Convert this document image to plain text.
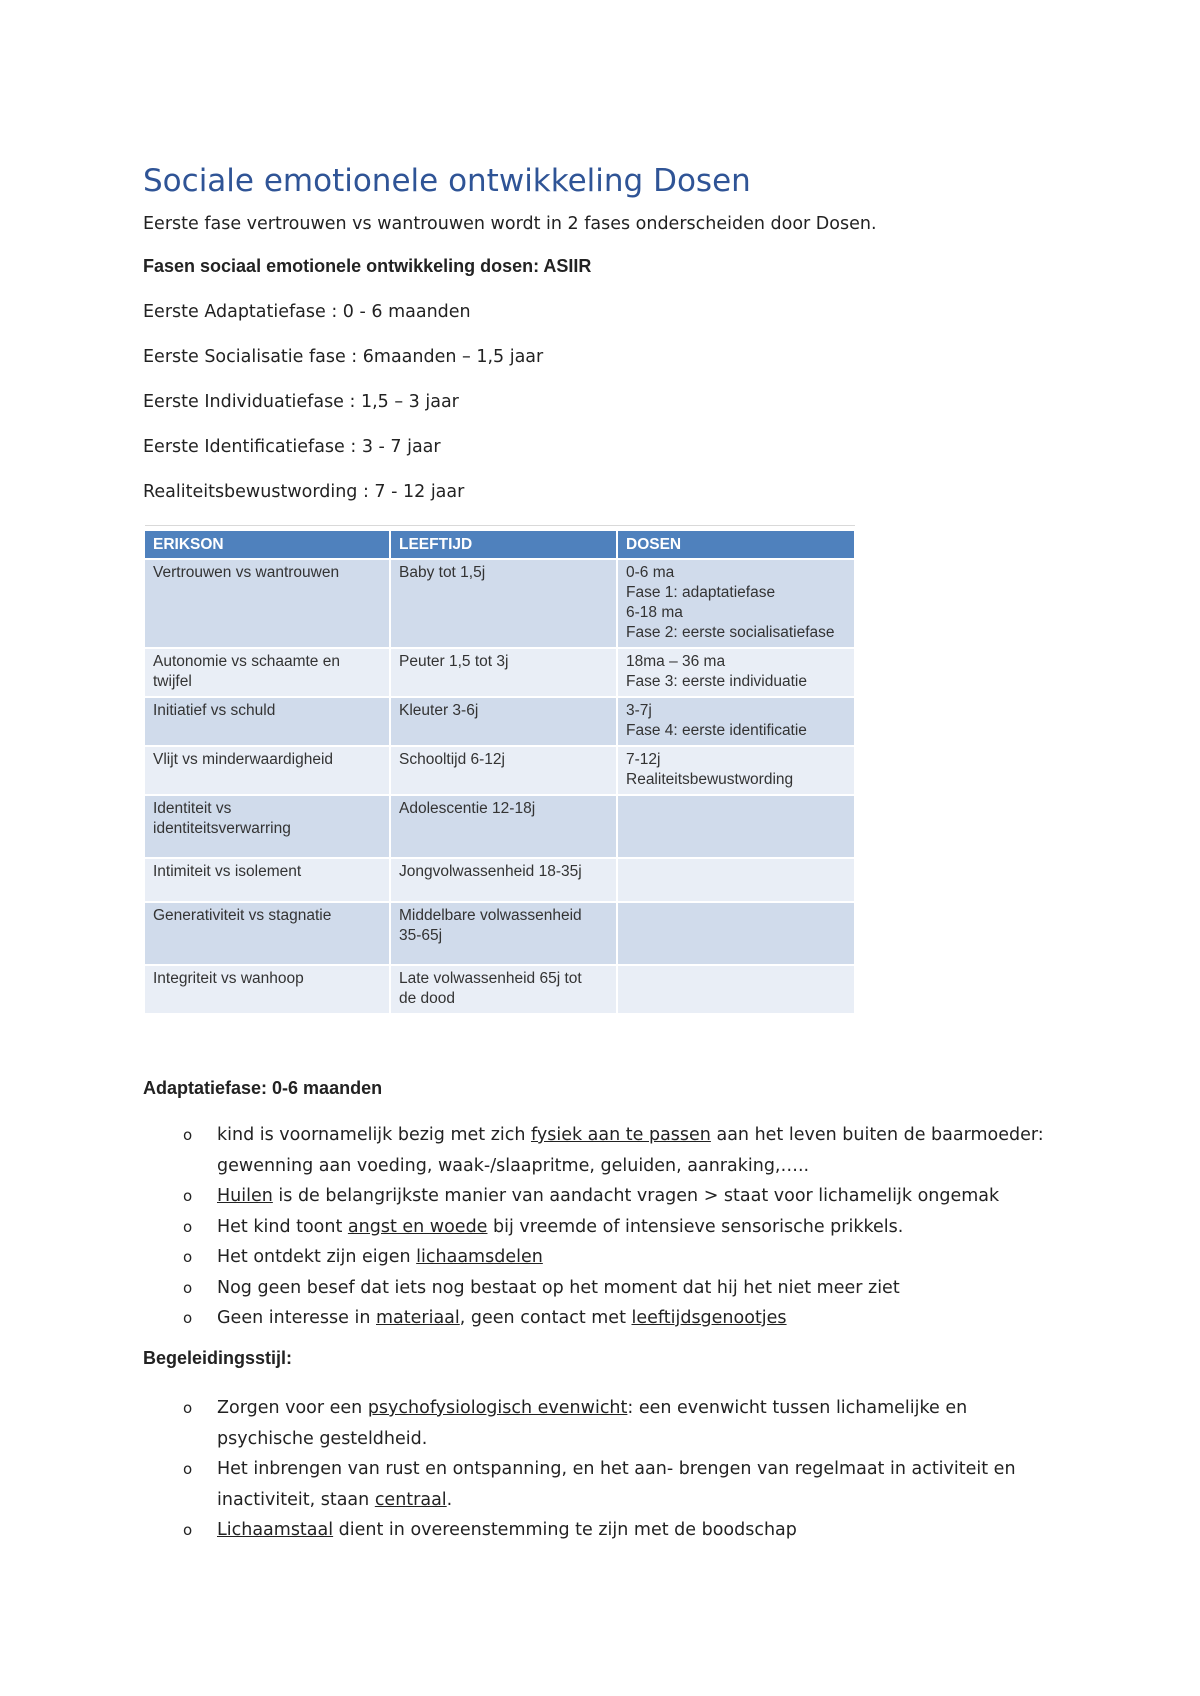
Sociale emotionele ontwikkeling Dosen
Eerste fase vertrouwen vs wantrouwen wordt in 2 fases onderscheiden door Dosen.
Fasen sociaal emotionele ontwikkeling dosen: ASIIR
Eerste Adaptatiefase : 0 - 6 maanden
Eerste Socialisatie fase : 6maanden – 1,5 jaar
Eerste Individuatiefase : 1,5 – 3 jaar
Eerste Identificatiefase : 3 - 7 jaar
Realiteitsbewustwording : 7 - 12 jaar
ERIKSON	LEEFTIJD	DOSEN

Vertrouwen vs wantrouwen	Baby tot 1,5j	0-6 ma
Fase 1: adaptatiefase
6-18 ma
Fase 2: eerste socialisatiefase

Autonomie vs schaamte en
twijfel	Peuter 1,5 tot 3j	18ma – 36 ma
Fase 3: eerste individuatie

Initiatief vs schuld	Kleuter 3-6j	3-7j
Fase 4: eerste identificatie

Vlijt vs minderwaardigheid	Schooltijd 6-12j	7-12j
Realiteitsbewustwording

Identiteit vs
identiteitsverwarring	Adolescentie 12-18j	

Intimiteit vs isolement	Jongvolwassenheid 18-35j	

Generativiteit vs stagnatie	Middelbare volwassenheid
35-65j	

Integriteit vs wanhoop	Late volwassenheid 65j tot
de dood	

Adaptatiefase: 0-6 maanden
o kind is voornamelijk bezig met zich fysiek aan te passen aan het leven buiten de baarmoeder:
gewenning aan voeding, waak-/slaapritme, geluiden, aanraking,…..
o Huilen is de belangrijkste manier van aandacht vragen > staat voor lichamelijk ongemak
o Het kind toont angst en woede bij vreemde of intensieve sensorische prikkels.
o Het ontdekt zijn eigen lichaamsdelen
o Nog geen besef dat iets nog bestaat op het moment dat hij het niet meer ziet
o Geen interesse in materiaal, geen contact met leeftijdsgenootjes
Begeleidingsstijl:
o Zorgen voor een psychofysiologisch evenwicht: een evenwicht tussen lichamelijke en
psychische gesteldheid.
o Het inbrengen van rust en ontspanning, en het aan- brengen van regelmaat in activiteit en
inactiviteit, staan centraal.
o Lichaamstaal dient in overeenstemming te zijn met de boodschap
